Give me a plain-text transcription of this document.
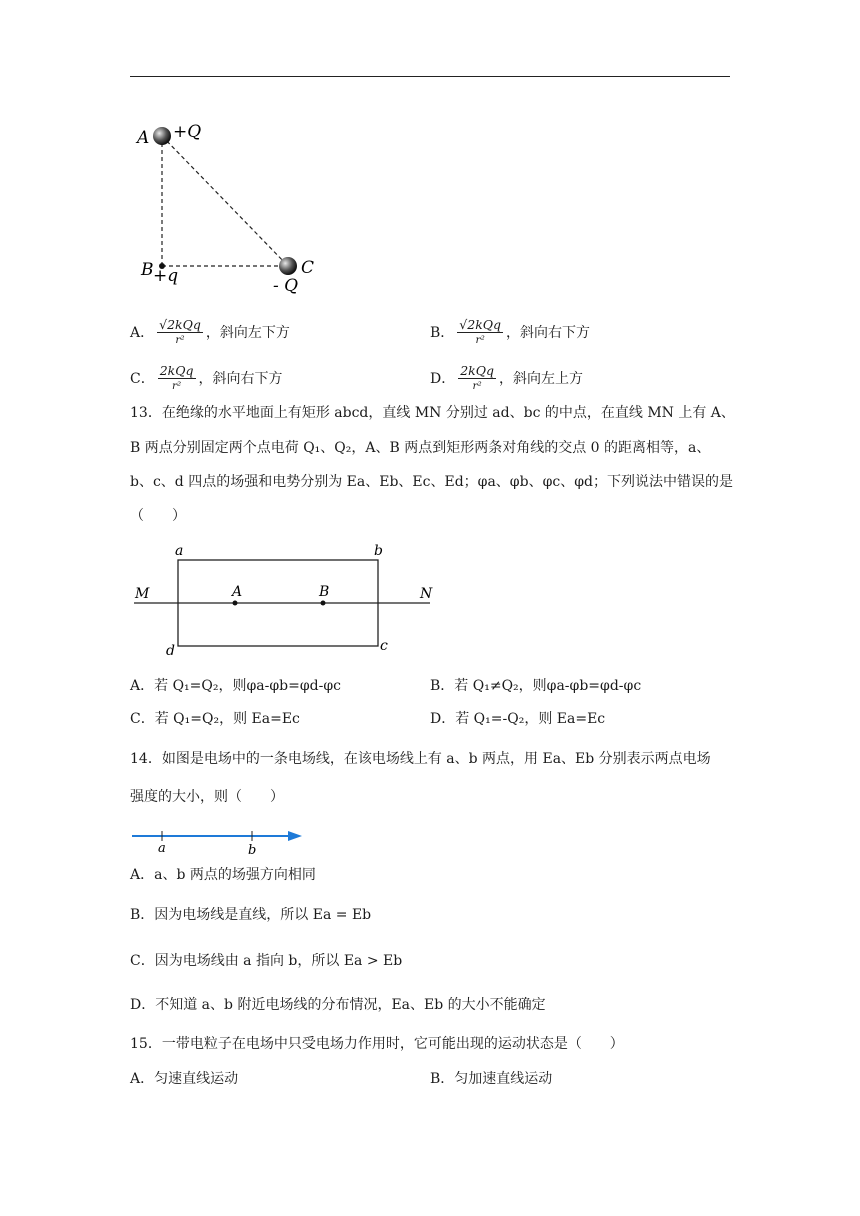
A +Q
B +q	C
- Q
A． $\frac{\text{√2kQq}}{\text{r²}}$ ，斜向左下方	B． $\frac{\text{√2kQq}}{\text{r²}}$ ，斜向右下方
C． $\frac{\text{2kQq}}{\text{r²}}$ ，斜向右下方	D． $\frac{\text{2kQq}}{\text{r²}}$ ，斜向左上方
13．在绝缘的水平地面上有矩形 abcd，直线 MN 分别过 ad、bc 的中点，在直线 MN 上有 A、
B 两点分别固定两个点电荷 Q₁、Q₂，A、B 两点到矩形两条对角线的交点 0 的距离相等，a、
b、c、d 四点的场强和电势分别为 Ea、Eb、Ec、Ed；φa、φb、φc、φd；下列说法中错误的是
（　　）
a	b
c
d
M	N
A	B
A． 若 Q₁=Q₂，则φa-φb=φd-φc	B． 若 Q₁≠Q₂，则φa-φb=φd-φc
C． 若 Q₁=Q₂，则 Ea=Ec	D． 若 Q₁=-Q₂，则 Ea=Ec
14．如图是电场中的一条电场线，在该电场线上有 a、b 两点，用 Ea、Eb 分别表示两点电场
强度的大小，则（　　）
a	b
A． a、b 两点的场强方向相同
B． 因为电场线是直线，所以 Ea = Eb
C． 因为电场线由 a 指向 b，所以 Ea > Eb
D． 不知道 a、b 附近电场线的分布情况，Ea、Eb 的大小不能确定
15．一带电粒子在电场中只受电场力作用时，它可能出现的运动状态是（　　）
A． 匀速直线运动	B． 匀加速直线运动
